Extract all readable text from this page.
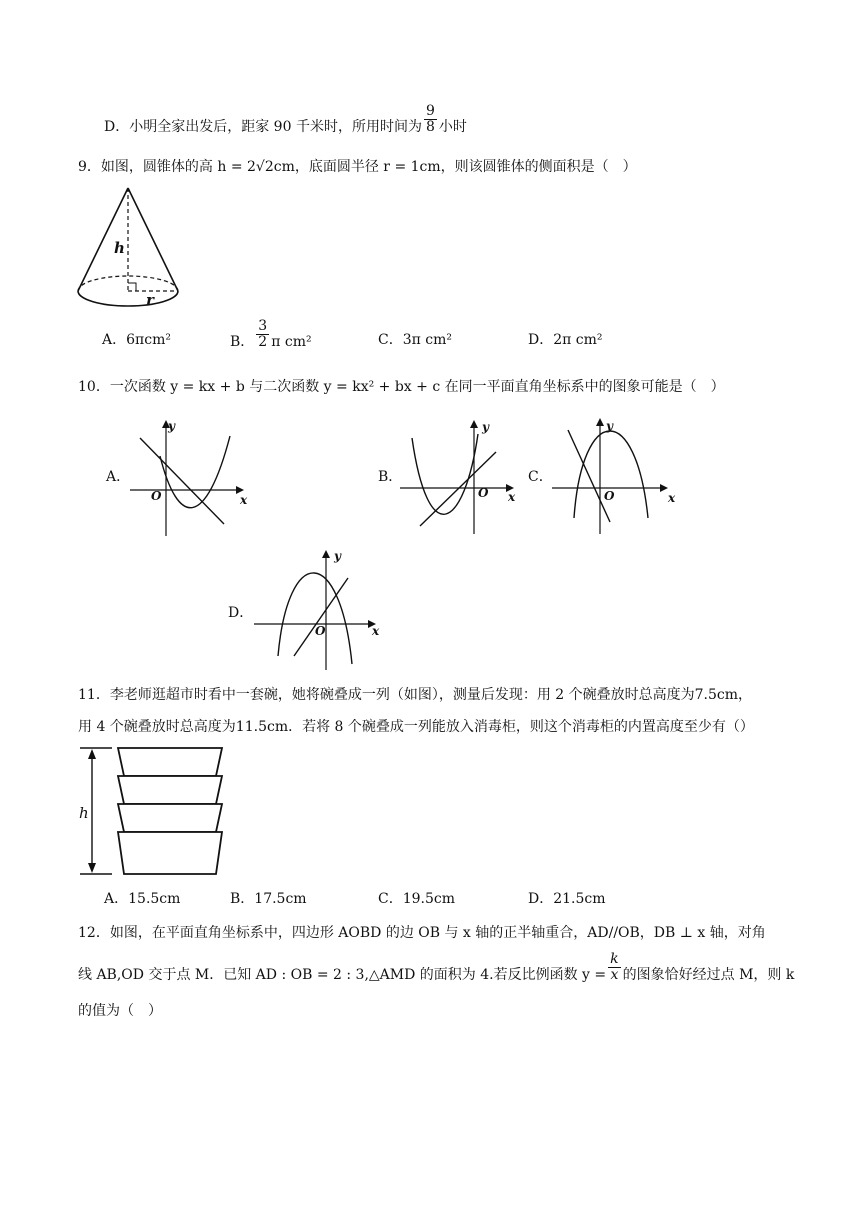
D．小明全家出发后，距家 90 千米时，所用时间为 $\frac{9}{8}$ 小时
9．如图，圆锥体的高 h = 2√2cm，底面圆半径 r = 1cm，则该圆锥体的侧面积是（　）
h
r
A．6πcm²	B． $\frac{3}{2}$ π cm²	C．3π cm²	D．2π cm²
10．一次函数 y = kx + b 与二次函数 y = kx² + bx + c 在同一平面直角坐标系中的图象可能是（　）
A．
y
x
O
B．
y
x
O
C．
y
x
O
D．
y
x
O
11．李老师逛超市时看中一套碗，她将碗叠成一列（如图），测量后发现：用 2 个碗叠放时总高度为7.5cm，
用 4 个碗叠放时总高度为11.5cm．若将 8 个碗叠成一列能放入消毒柜，则这个消毒柜的内置高度至少有（）
h
A．15.5cm	B．17.5cm	C．19.5cm	D．21.5cm
12．如图，在平面直角坐标系中，四边形 AOBD 的边 OB 与 x 轴的正半轴重合，AD//OB，DB ⊥ x 轴，对角
线 AB,OD 交于点 M．已知 AD : OB = 2 : 3,△AMD 的面积为 4.若反比例函数 $y = \frac{k}{x}$ 的图象恰好经过点 M，则 k
的值为（　）
